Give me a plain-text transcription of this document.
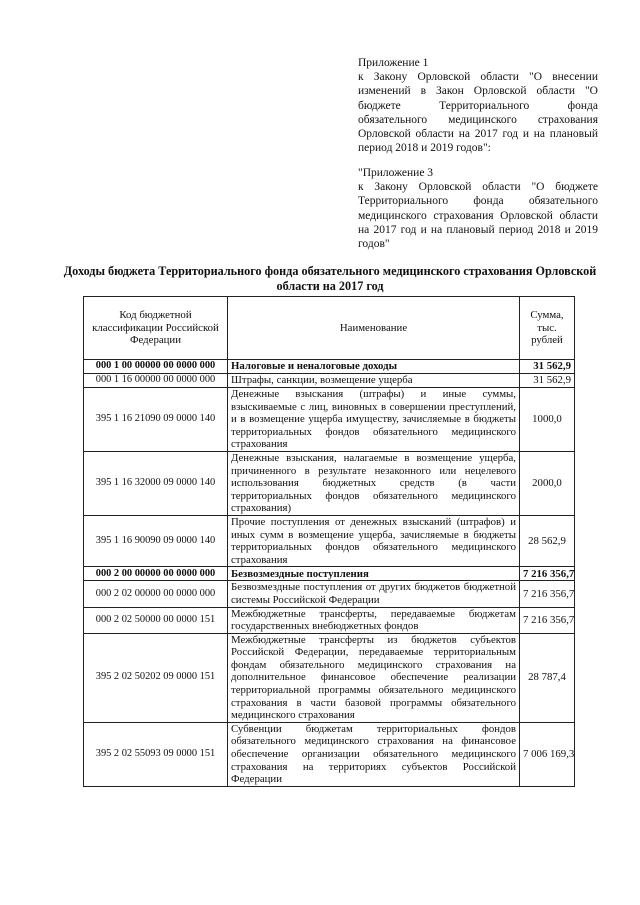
Приложение 1

к Закону Орловской области "О внесении изменений в Закон Орловской области "О бюджете Территориального фонда обязательного медицинского страхования Орловской области на 2017 год и на плановый период 2018 и 2019 годов":

"Приложение 3

к Закону Орловской области "О бюджете Территориального фонда обязательного медицинского страхования Орловской области на 2017 год и на плановый период 2018 и 2019 годов"

Доходы бюджета Территориального фонда обязательного медицинского страхования Орловской области на 2017 год
Код бюджетной классификации Российской Федерации	Наименование	Сумма, тыс. рублей
000 1 00 00000 00 0000 000	Налоговые и неналоговые доходы	31 562,9
000 1 16 00000 00 0000 000	Штрафы, санкции, возмещение ущерба	31 562,9
395 1 16 21090 09 0000 140	Денежные взыскания (штрафы) и иные суммы, взыскиваемые с лиц, виновных в совершении преступлений, и в возмещение ущерба имуществу, зачисляемые в бюджеты территориальных фондов обязательного медицинского страхования	1000,0
395 1 16 32000 09 0000 140	Денежные взыскания, налагаемые в возмещение ущерба, причиненного в результате незаконного или нецелевого использования бюджетных средств (в части территориальных фондов обязательного медицинского страхования)	2000,0
395 1 16 90090 09 0000 140	Прочие поступления от денежных взысканий (штрафов) и иных сумм в возмещение ущерба, зачисляемые в бюджеты территориальных фондов обязательного медицинского страхования	28 562,9
000 2 00 00000 00 0000 000	Безвозмездные поступления	7 216 356,7
000 2 02 00000 00 0000 000	Безвозмездные поступления от других бюджетов бюджетной системы Российской Федерации	7 216 356,7
000 2 02 50000 00 0000 151	Межбюджетные трансферты, передаваемые бюджетам государственных внебюджетных фондов	7 216 356,7
395 2 02 50202 09 0000 151	Межбюджетные трансферты из бюджетов субъектов Российской Федерации, передаваемые территориальным фондам обязательного медицинского страхования на дополнительное финансовое обеспечение реализации территориальной программы обязательного медицинского страхования в части базовой программы обязательного медицинского страхования	28 787,4
395 2 02 55093 09 0000 151	Субвенции бюджетам территориальных фондов обязательного медицинского страхования на финансовое обеспечение организации обязательного медицинского страхования на территориях субъектов Российской Федерации	7 006 169,3
